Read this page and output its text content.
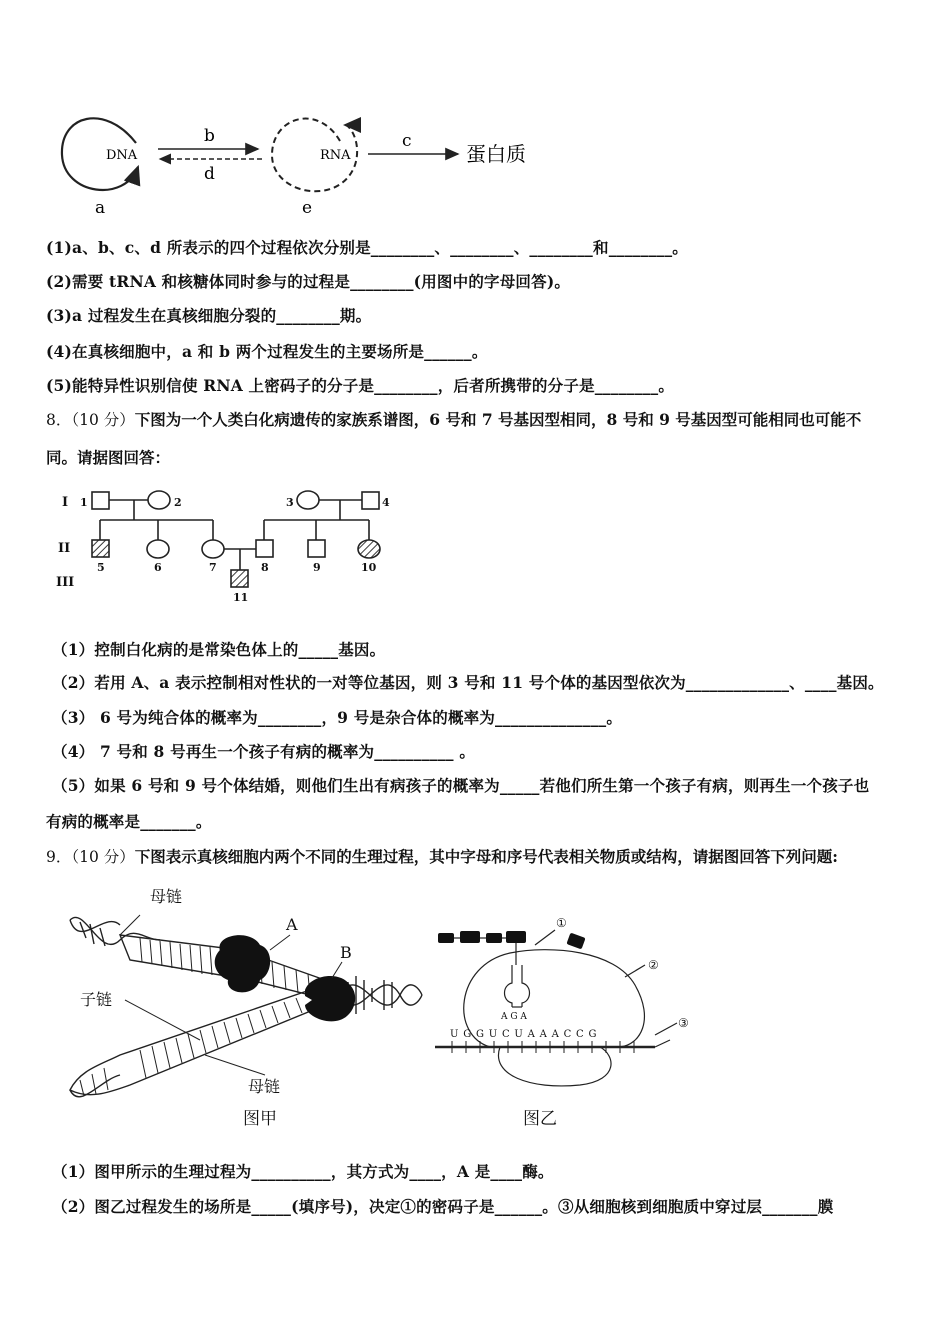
DNA
b
d
RNA
c
蛋白质
a	e
(1)a、b、c、d 所表示的四个过程依次分别是________、________、________和________。
(2)需要 tRNA 和核糖体同时参与的过程是________(用图中的字母回答)。
(3)a 过程发生在真核细胞分裂的________期。
(4)在真核细胞中，a 和 b 两个过程发生的主要场所是______。
(5)能特异性识别信使 RNA 上密码子的分子是________，后者所携带的分子是________。
8．（10 分）下图为一个人类白化病遗传的家族系谱图，6 号和 7 号基因型相同，8 号和 9 号基因型可能相同也可能不
同。请据图回答：
I
II
III
1	2	3	4
5	6	7	8	9	10
11
（1）控制白化病的是常染色体上的_____基因。
（2）若用 A、a 表示控制相对性状的一对等位基因，则 3 号和 11 号个体的基因型依次为_____________、____基因。
（3） 6 号为纯合体的概率为________，9 号是杂合体的概率为______________。
（4） 7 号和 8 号再生一个孩子有病的概率为__________ 。
（5）如果 6 号和 9 号个体结婚，则他们生出有病孩子的概率为_____若他们所生第一个孩子有病，则再生一个孩子也
有病的概率是_______。
9．（10 分）下图表示真核细胞内两个不同的生理过程，其中字母和序号代表相关物质或结构，请据图回答下列问题:
母链
子链
母链
A
B
图甲
A G A
U G G U C U A A A C C G
①
②
③
图乙
（1）图甲所示的生理过程为__________，其方式为____，A 是____酶。
（2）图乙过程发生的场所是_____(填序号)，决定①的密码子是______。③从细胞核到细胞质中穿过层_______膜
